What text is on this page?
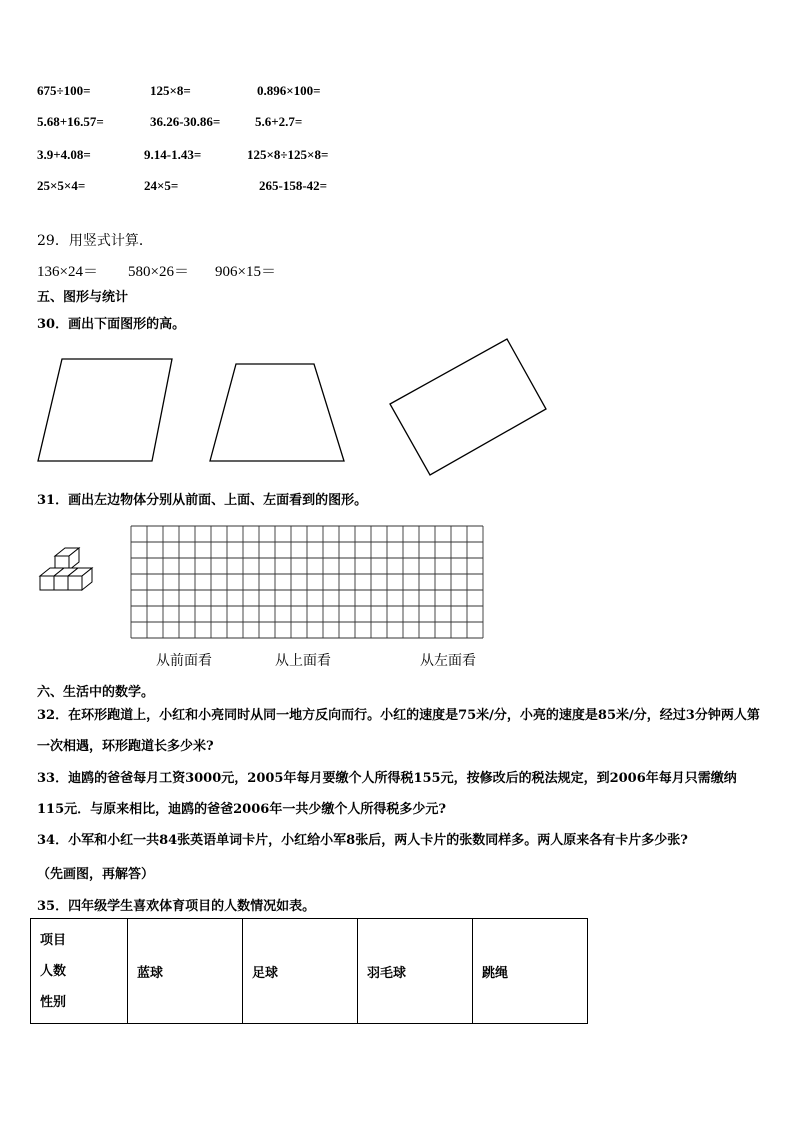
675÷100=	125×8=	0.896×100=
5.68+16.57=	36.26-30.86=	5.6+2.7=
3.9+4.08=	9.14-1.43=	125×8÷125×8=
25×5×4=	24×5=	265-158-42=
29．用竖式计算．
136×24＝ 580×26＝ 906×15＝
五、图形与统计
30．画出下面图形的高。
31．画出左边物体分别从前面、上面、左面看到的图形。
从前面看	从上面看	从左面看
六、生活中的数学。
32．在环形跑道上，小红和小亮同时从同一地方反向而行。小红的速度是75米/分，小亮的速度是85米/分，经过3分钟两人第一次相遇，环形跑道长多少米?
33．迪鸥的爸爸每月工资3000元，2005年每月要缴个人所得税155元，按修改后的税法规定，到2006年每月只需缴纳115元．与原来相比，迪鸥的爸爸2006年一共少缴个人所得税多少元?
34．小军和小红一共84张英语单词卡片，小红给小军8张后，两人卡片的张数同样多。两人原来各有卡片多少张?
（先画图，再解答）
35．四年级学生喜欢体育项目的人数情况如表。
项目
人数
性别
	蓝球	足球	羽毛球	跳绳
